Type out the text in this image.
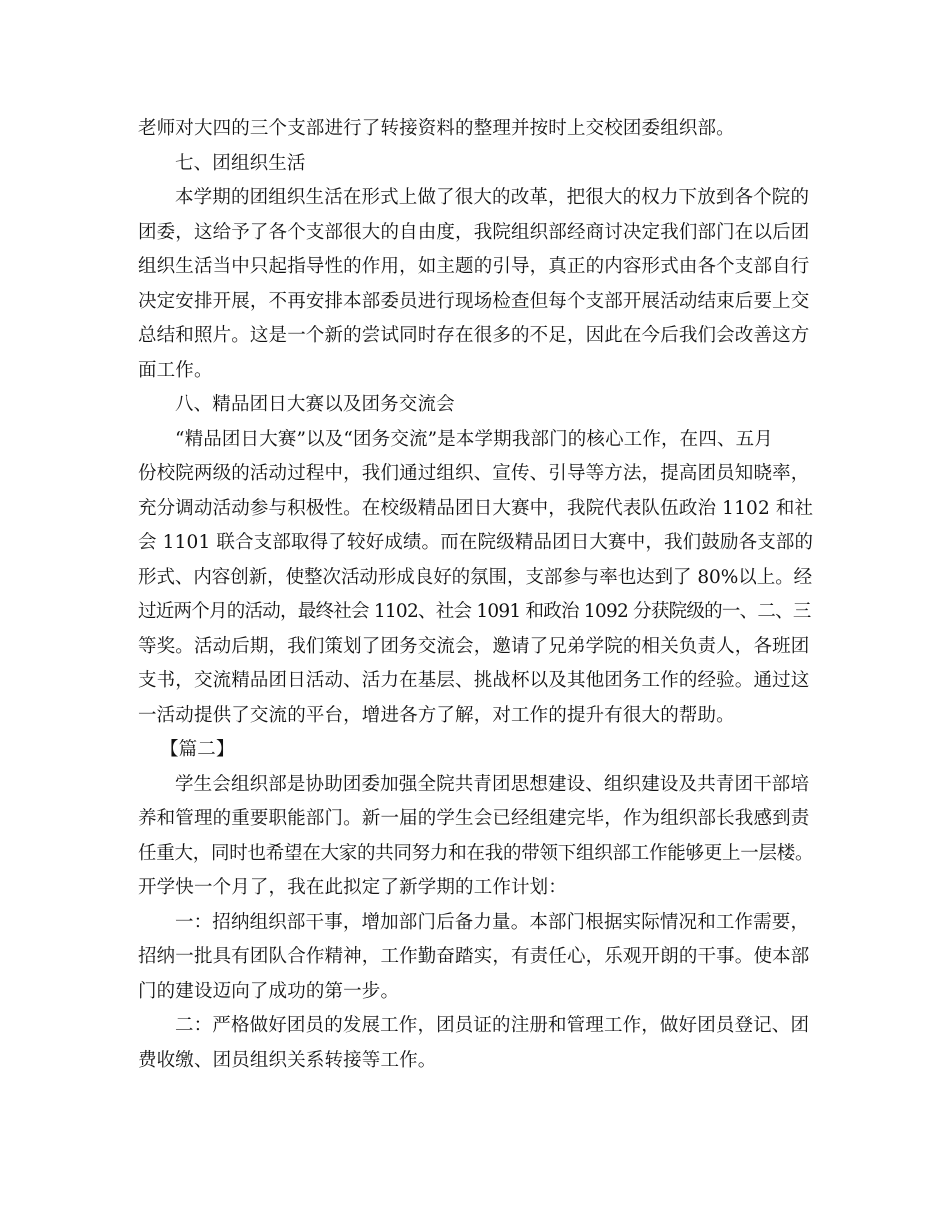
老师对大四的三个支部进行了转接资料的整理并按时上交校团委组织部。
七、团组织生活
本学期的团组织生活在形式上做了很大的改革，把很大的权力下放到各个院的
团委，这给予了各个支部很大的自由度，我院组织部经商讨决定我们部门在以后团
组织生活当中只起指导性的作用，如主题的引导，真正的内容形式由各个支部自行
决定安排开展，不再安排本部委员进行现场检查但每个支部开展活动结束后要上交
总结和照片。这是一个新的尝试同时存在很多的不足，因此在今后我们会改善这方
面工作。
八、精品团日大赛以及团务交流会
“精品团日大赛”以及“团务交流”是本学期我部门的核心工作，在四、五月
份校院两级的活动过程中，我们通过组织、宣传、引导等方法，提高团员知晓率，
充分调动活动参与积极性。在校级精品团日大赛中，我院代表队伍政治 1102 和社
会 1101 联合支部取得了较好成绩。而在院级精品团日大赛中，我们鼓励各支部的
形式、内容创新，使整次活动形成良好的氛围，支部参与率也达到了 80%以上。经
过近两个月的活动，最终社会 1102、社会 1091 和政治 1092 分获院级的一、二、三
等奖。活动后期，我们策划了团务交流会，邀请了兄弟学院的相关负责人，各班团
支书，交流精品团日活动、活力在基层、挑战杯以及其他团务工作的经验。通过这
一活动提供了交流的平台，增进各方了解，对工作的提升有很大的帮助。
【篇二】
学生会组织部是协助团委加强全院共青团思想建设、组织建设及共青团干部培
养和管理的重要职能部门。新一届的学生会已经组建完毕，作为组织部长我感到责
任重大，同时也希望在大家的共同努力和在我的带领下组织部工作能够更上一层楼。
开学快一个月了，我在此拟定了新学期的工作计划：
一：招纳组织部干事，增加部门后备力量。本部门根据实际情况和工作需要，
招纳一批具有团队合作精神，工作勤奋踏实，有责任心，乐观开朗的干事。使本部
门的建设迈向了成功的第一步。
二：严格做好团员的发展工作，团员证的注册和管理工作，做好团员登记、团
费收缴、团员组织关系转接等工作。
